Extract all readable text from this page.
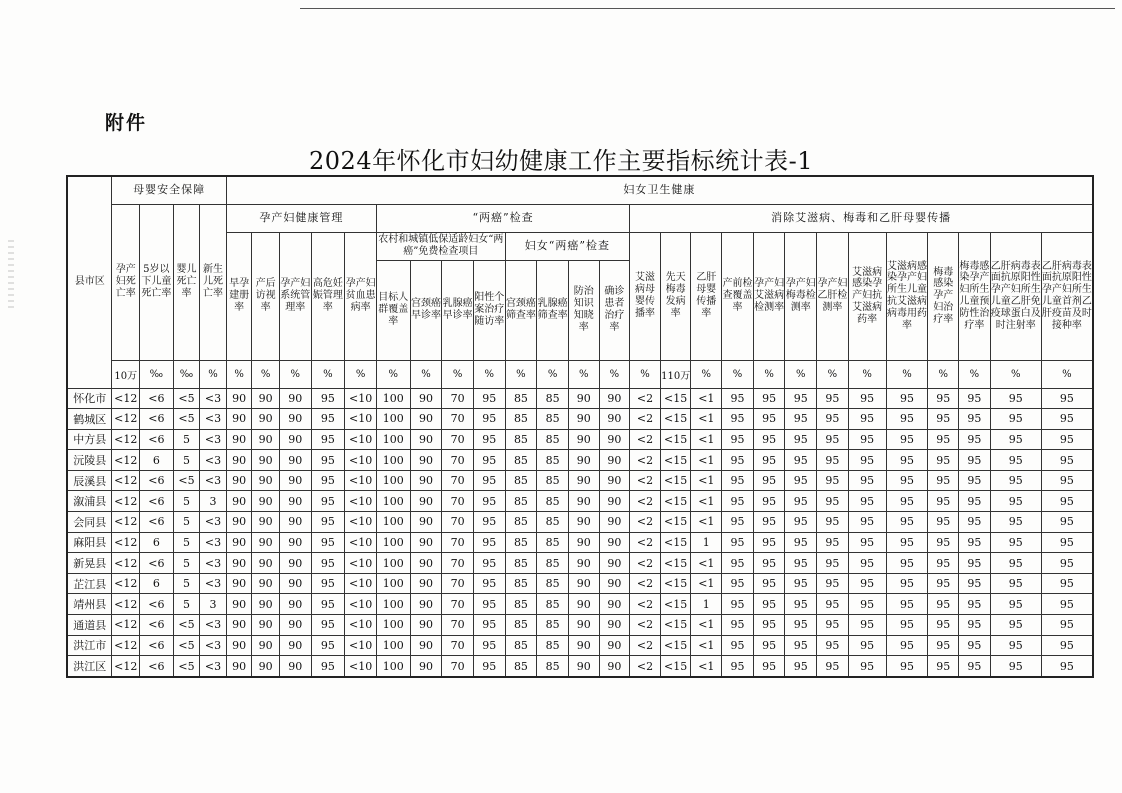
附件
2024年怀化市妇幼健康工作主要指标统计表-1
县市区	母婴安全保障				妇女卫生健康																									
	孕产妇死亡率	5岁以下儿童死亡率	婴儿死亡率	新生儿死亡率	孕产妇健康管理					“两癌”检查								消除艾滋病、梅毒和乙肝母婴传播												
					早孕建册率	产后访视率	孕产妇系统管理率	高危妊娠管理率	孕产妇贫血患病率	农村和城镇低保适龄妇女“两癌”免费检查项目				妇女“两癌”检查				艾滋病母婴传播率	先天梅毒发病率	乙肝母婴传播率	产前检查覆盖率	孕产妇艾滋病检测率	孕产妇梅毒检测率	孕产妇乙肝检测率	艾滋病感染孕产妇抗艾滋病药率	艾滋病感染孕产妇所生儿童抗艾滋病病毒用药率	梅毒感染孕产妇治疗率	梅毒感染孕产妇所生儿童预防性治疗率	乙肝病毒表面抗原阳性孕产妇所生儿童乙肝免疫球蛋白及时注射率	乙肝病毒表面抗原阳性孕产妇所生儿童首剂乙肝疫苗及时接种率
										目标人群覆盖率	宫颈癌早诊率	乳腺癌早诊率	阳性个案治疗随访率	宫颈癌筛查率	乳腺癌筛查率	防治知识知晓率	确诊患者治疗率													
	10万	‰	‰	%	%	%	%	%	%	%	%	%	%	%	%	%	%	%	110万	%	%	%	%	%	%	%	%	%	%	%
怀化市	<12	<6	<5	<3	90	90	90	95	<10	100	90	70	95	85	85	90	90	<2	<15	<1	95	95	95	95	95	95	95	95	95	95
鹤城区	<12	<6	<5	<3	90	90	90	95	<10	100	90	70	95	85	85	90	90	<2	<15	<1	95	95	95	95	95	95	95	95	95	95
中方县	<12	<6	5	<3	90	90	90	95	<10	100	90	70	95	85	85	90	90	<2	<15	<1	95	95	95	95	95	95	95	95	95	95
沅陵县	<12	6	5	<3	90	90	90	95	<10	100	90	70	95	85	85	90	90	<2	<15	<1	95	95	95	95	95	95	95	95	95	95
辰溪县	<12	<6	<5	<3	90	90	90	95	<10	100	90	70	95	85	85	90	90	<2	<15	<1	95	95	95	95	95	95	95	95	95	95
溆浦县	<12	<6	5	3	90	90	90	95	<10	100	90	70	95	85	85	90	90	<2	<15	<1	95	95	95	95	95	95	95	95	95	95
会同县	<12	<6	5	<3	90	90	90	95	<10	100	90	70	95	85	85	90	90	<2	<15	<1	95	95	95	95	95	95	95	95	95	95
麻阳县	<12	6	5	<3	90	90	90	95	<10	100	90	70	95	85	85	90	90	<2	<15	1	95	95	95	95	95	95	95	95	95	95
新晃县	<12	<6	5	<3	90	90	90	95	<10	100	90	70	95	85	85	90	90	<2	<15	<1	95	95	95	95	95	95	95	95	95	95
芷江县	<12	6	5	<3	90	90	90	95	<10	100	90	70	95	85	85	90	90	<2	<15	<1	95	95	95	95	95	95	95	95	95	95
靖州县	<12	<6	5	3	90	90	90	95	<10	100	90	70	95	85	85	90	90	<2	<15	1	95	95	95	95	95	95	95	95	95	95
通道县	<12	<6	<5	<3	90	90	90	95	<10	100	90	70	95	85	85	90	90	<2	<15	<1	95	95	95	95	95	95	95	95	95	95
洪江市	<12	<6	<5	<3	90	90	90	95	<10	100	90	70	95	85	85	90	90	<2	<15	<1	95	95	95	95	95	95	95	95	95	95
洪江区	<12	<6	<5	<3	90	90	90	95	<10	100	90	70	95	85	85	90	90	<2	<15	<1	95	95	95	95	95	95	95	95	95	95
